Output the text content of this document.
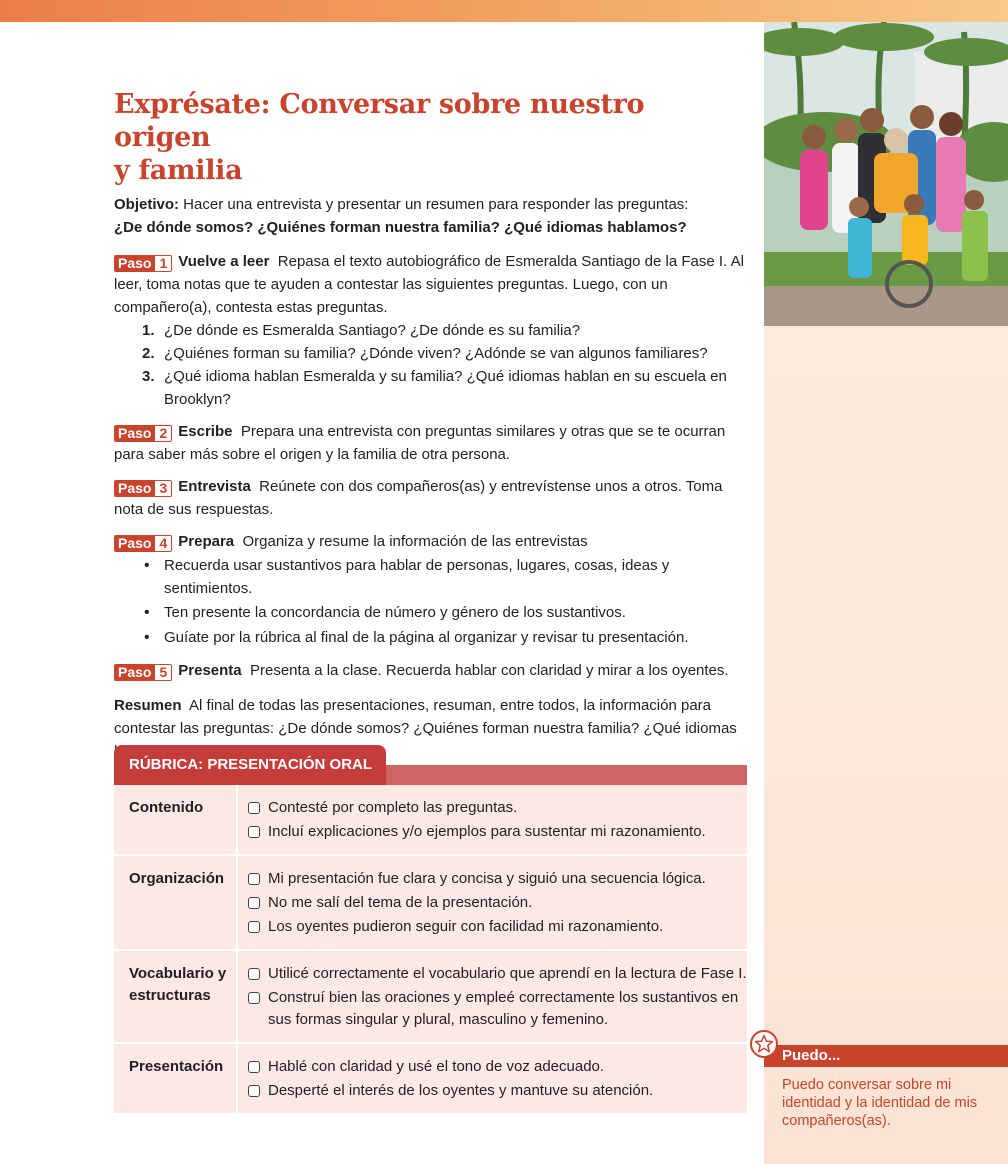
Exprésate: Conversar sobre nuestro origen
y familia

Objetivo: Hacer una entrevista y presentar un resumen para responder las preguntas:
¿De dónde somos? ¿Quiénes forman nuestra familia? ¿Qué idiomas hablamos?

Paso 1 Vuelve a leer Repasa el texto autobiográfico de Esmeralda Santiago de la Fase I. Al leer, toma notas que te ayuden a contestar las siguientes preguntas. Luego, con un compañero(a), contesta estas preguntas.

1. ¿De dónde es Esmeralda Santiago? ¿De dónde es su familia?
2. ¿Quiénes forman su familia? ¿Dónde viven? ¿Adónde se van algunos familiares?
3. ¿Qué idioma hablan Esmeralda y su familia? ¿Qué idiomas hablan en su escuela en Brooklyn?

Paso 2 Escribe Prepara una entrevista con preguntas similares y otras que se te ocurran para saber más sobre el origen y la familia de otra persona.

Paso 3 Entrevista Reúnete con dos compañeros(as) y entrevístense unos a otros. Toma nota de sus respuestas.

Paso 4 Prepara Organiza y resume la información de las entrevistas

• Recuerda usar sustantivos para hablar de personas, lugares, cosas, ideas y sentimientos.
• Ten presente la concordancia de número y género de los sustantivos.
• Guíate por la rúbrica al final de la página al organizar y revisar tu presentación.

Paso 5 Presenta Presenta a la clase. Recuerda hablar con claridad y mirar a los oyentes.

Resumen Al final de todas las presentaciones, resuman, entre todos, la información para contestar las preguntas: ¿De dónde somos? ¿Quiénes forman nuestra familia? ¿Qué idiomas

RÚBRICA: PRESENTACIÓN ORAL
Contenido	Contesté por completo las preguntas.
Incluí explicaciones y/o ejemplos para sustentar mi razonamiento.

Organización	Mi presentación fue clara y concisa y siguió una secuencia lógica.
No me salí del tema de la presentación.
Los oyentes pudieron seguir con facilidad mi razonamiento.

Vocabulario y estructuras	Utilicé correctamente el vocabulario que aprendí en la lectura de Fase I.
Construí bien las oraciones y empleé correctamente los sustantivos en sus formas singular y plural, masculino y femenino.

Presentación	Hablé con claridad y usé el tono de voz adecuado.
Desperté el interés de los oyentes y mantuve su atención.
Puedo...
Puedo conversar sobre mi identidad y la identidad de mis compañeros(as).
